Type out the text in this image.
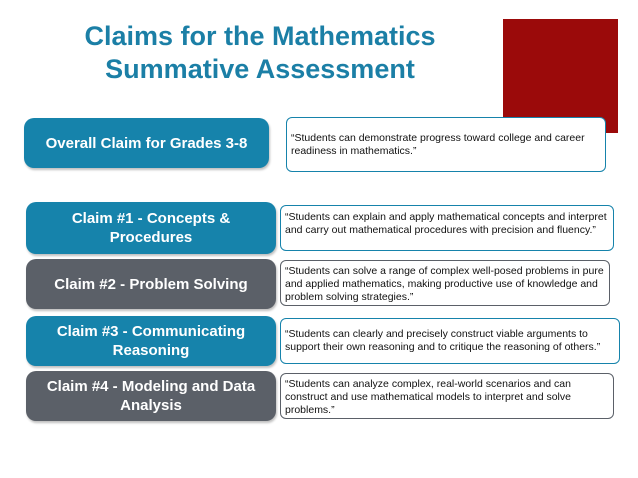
Claims for the Mathematics
Summative Assessment
Overall Claim for Grades 3-8	“Students can demonstrate progress toward college and career readiness in mathematics.”
Claim #1 - Concepts &
Procedures
“Students can explain and apply mathematical concepts and interpret and carry out mathematical procedures with precision and fluency.”
Claim #2 - Problem Solving
“Students can solve a range of complex well-posed problems in pure and applied mathematics, making productive use of knowledge and problem solving strategies.”
Claim #3 - Communicating
Reasoning
“Students can clearly and precisely construct viable arguments to support their own reasoning and to critique the reasoning of others.”
Claim #4 - Modeling and Data
Analysis
“Students can analyze complex, real-world scenarios and can construct and use mathematical models to interpret and solve problems.”
